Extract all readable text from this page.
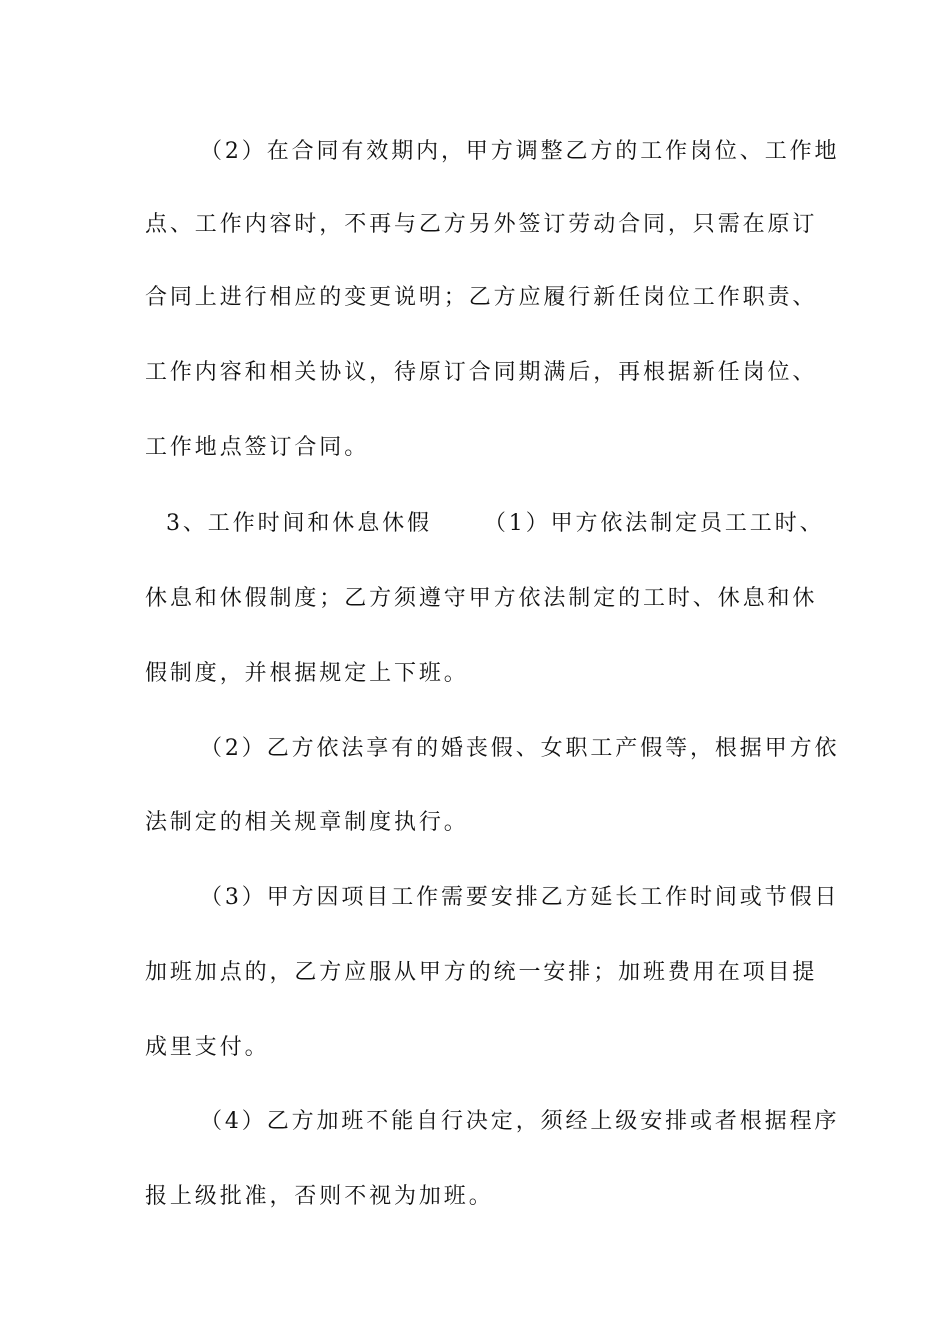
（2）在合同有效期内，甲方调整乙方的工作岗位、工作地
点、工作内容时，不再与乙方另外签订劳动合同，只需在原订
合同上进行相应的变更说明；乙方应履行新任岗位工作职责、
工作内容和相关协议，待原订合同期满后，再根据新任岗位、
工作地点签订合同。
3、工作时间和休息休假 （1）甲方依法制定员工工时、
休息和休假制度；乙方须遵守甲方依法制定的工时、休息和休
假制度，并根据规定上下班。
（2）乙方依法享有的婚丧假、女职工产假等，根据甲方依
法制定的相关规章制度执行。
（3）甲方因项目工作需要安排乙方延长工作时间或节假日
加班加点的，乙方应服从甲方的统一安排；加班费用在项目提
成里支付。
（4）乙方加班不能自行决定，须经上级安排或者根据程序
报上级批准，否则不视为加班。
